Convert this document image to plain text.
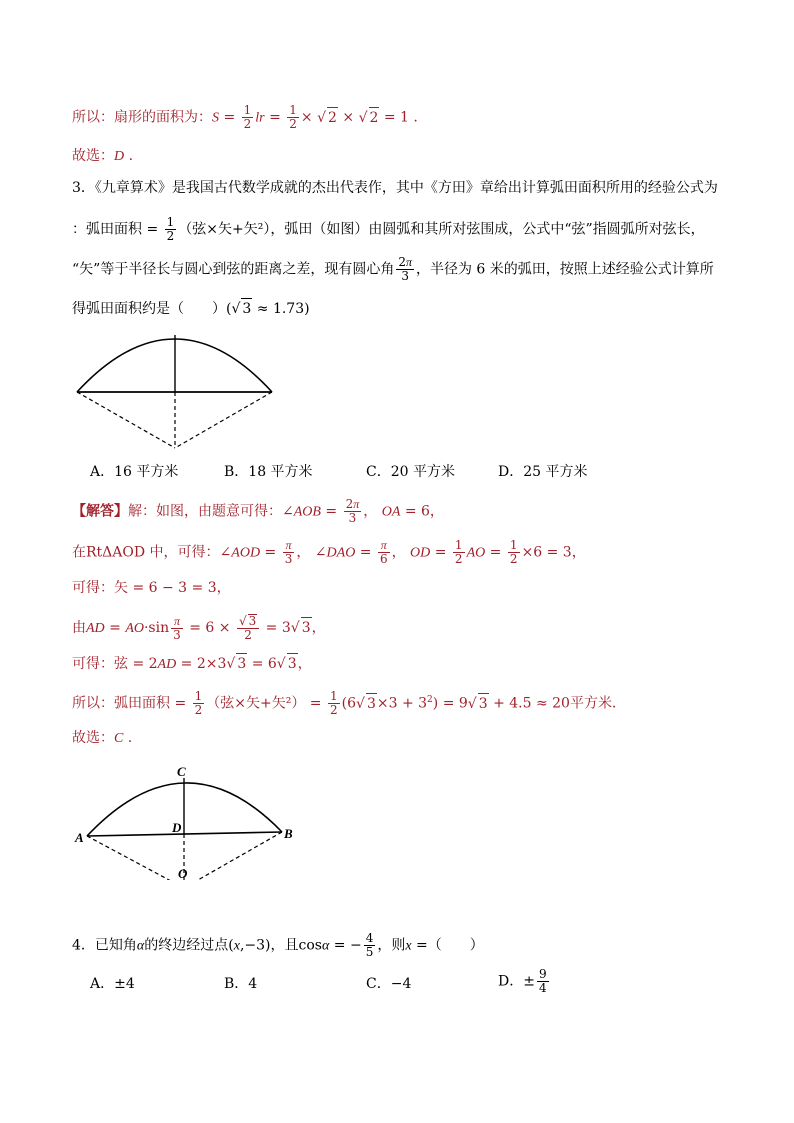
所以：扇形的面积为：$S = \frac{1}{2}$ lr = $\frac{1}{2}$ × √ 2 × √ 2 = 1 .
故选：D .
3．《九章算术》是我国古代数学成就的杰出代表作，其中《方田》章给出计算弧田面积所用的经验公式为
：弧田面积 = $\frac{1}{2}$ （弦×矢+矢²），弧田（如图）由圆弧和其所对弦围成，公式中“弦”指圆弧所对弦长，
“矢”等于半径长与圆心到弦的距离之差，现有圆心角 $\frac{2\pi}{3}$ ，半径为 6 米的弧田，按照上述经验公式计算所
得弧田面积约是（　　）(√ 3 ≈ 1.73)
A．16 平方米	B．18 平方米	C．20 平方米	D．25 平方米
【解答】解：如图，由题意可得：∠AOB = $\frac{2\pi}{3}$ ， OA = 6，
在RtΔAOD 中，可得：∠AOD = $\frac{\pi}{3}$ ， ∠DAO = $\frac{\pi}{6}$ ， OD = $\frac{1}{2}$ AO = $\frac{1}{2} \times 6 = 3$，
可得：矢 = 6 − 3 = 3，
由AD = $AO\cdot\sin \frac{\pi}{3} = 6$ ×
√ $\frac{3}{2} = 3√$ 3，
可得：弦 = 2AD = 2×3√ 3 = 6√ 3，
所以：弧田面积 = $\frac{1}{2}$ （弦×矢+矢$^2) = \frac{1}{2} (6√$ $3\times 3 + 3^2) = 9√$ 3 + 4.5 ≈ 20平方米．
故选：C .
C
D
A	B
O
4．已知角α的终边经过点(x,−3)，且cosα = − $\frac{4}{5}$ ，则x =（　　）
A．±4	B．4	C．−4	D．± $\frac{9}{4}$
